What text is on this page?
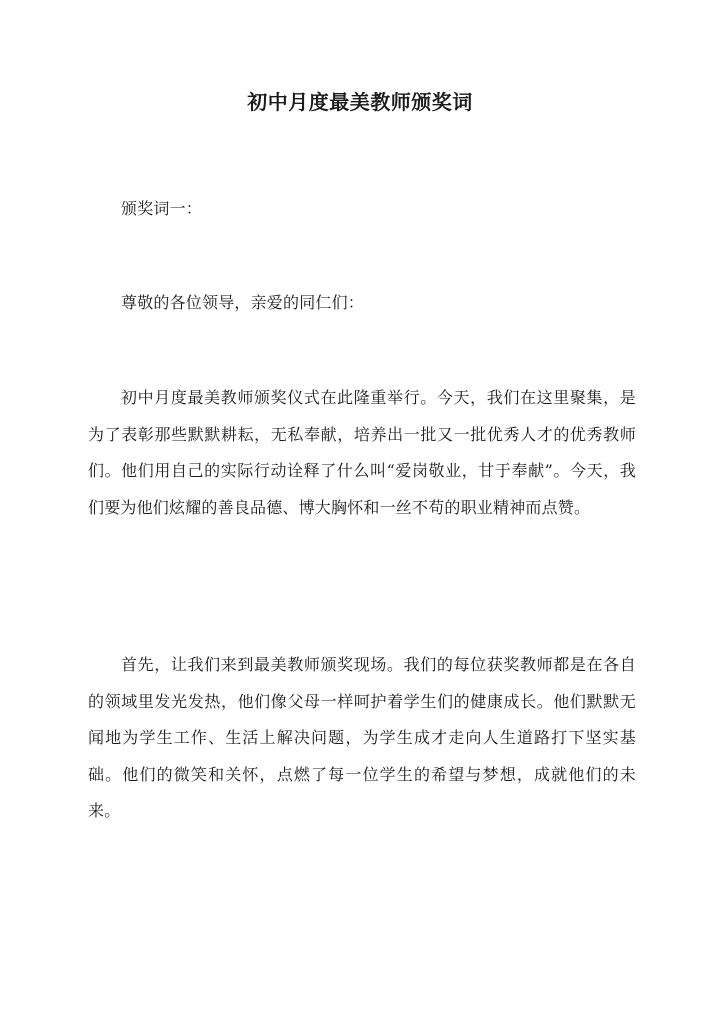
初中月度最美教师颁奖词

颁奖词一：

尊敬的各位领导，亲爱的同仁们：

初中月度最美教师颁奖仪式在此隆重举行。今天，我们在这里聚集，是为了表彰那些默默耕耘，无私奉献，培养出一批又一批优秀人才的优秀教师们。他们用自己的实际行动诠释了什么叫“爱岗敬业，甘于奉献”。今天，我们要为他们炫耀的善良品德、博大胸怀和一丝不苟的职业精神而点赞。

首先，让我们来到最美教师颁奖现场。我们的每位获奖教师都是在各自的领域里发光发热，他们像父母一样呵护着学生们的健康成长。他们默默无闻地为学生工作、生活上解决问题，为学生成才走向人生道路打下坚实基础。他们的微笑和关怀，点燃了每一位学生的希望与梦想，成就他们的未来。
